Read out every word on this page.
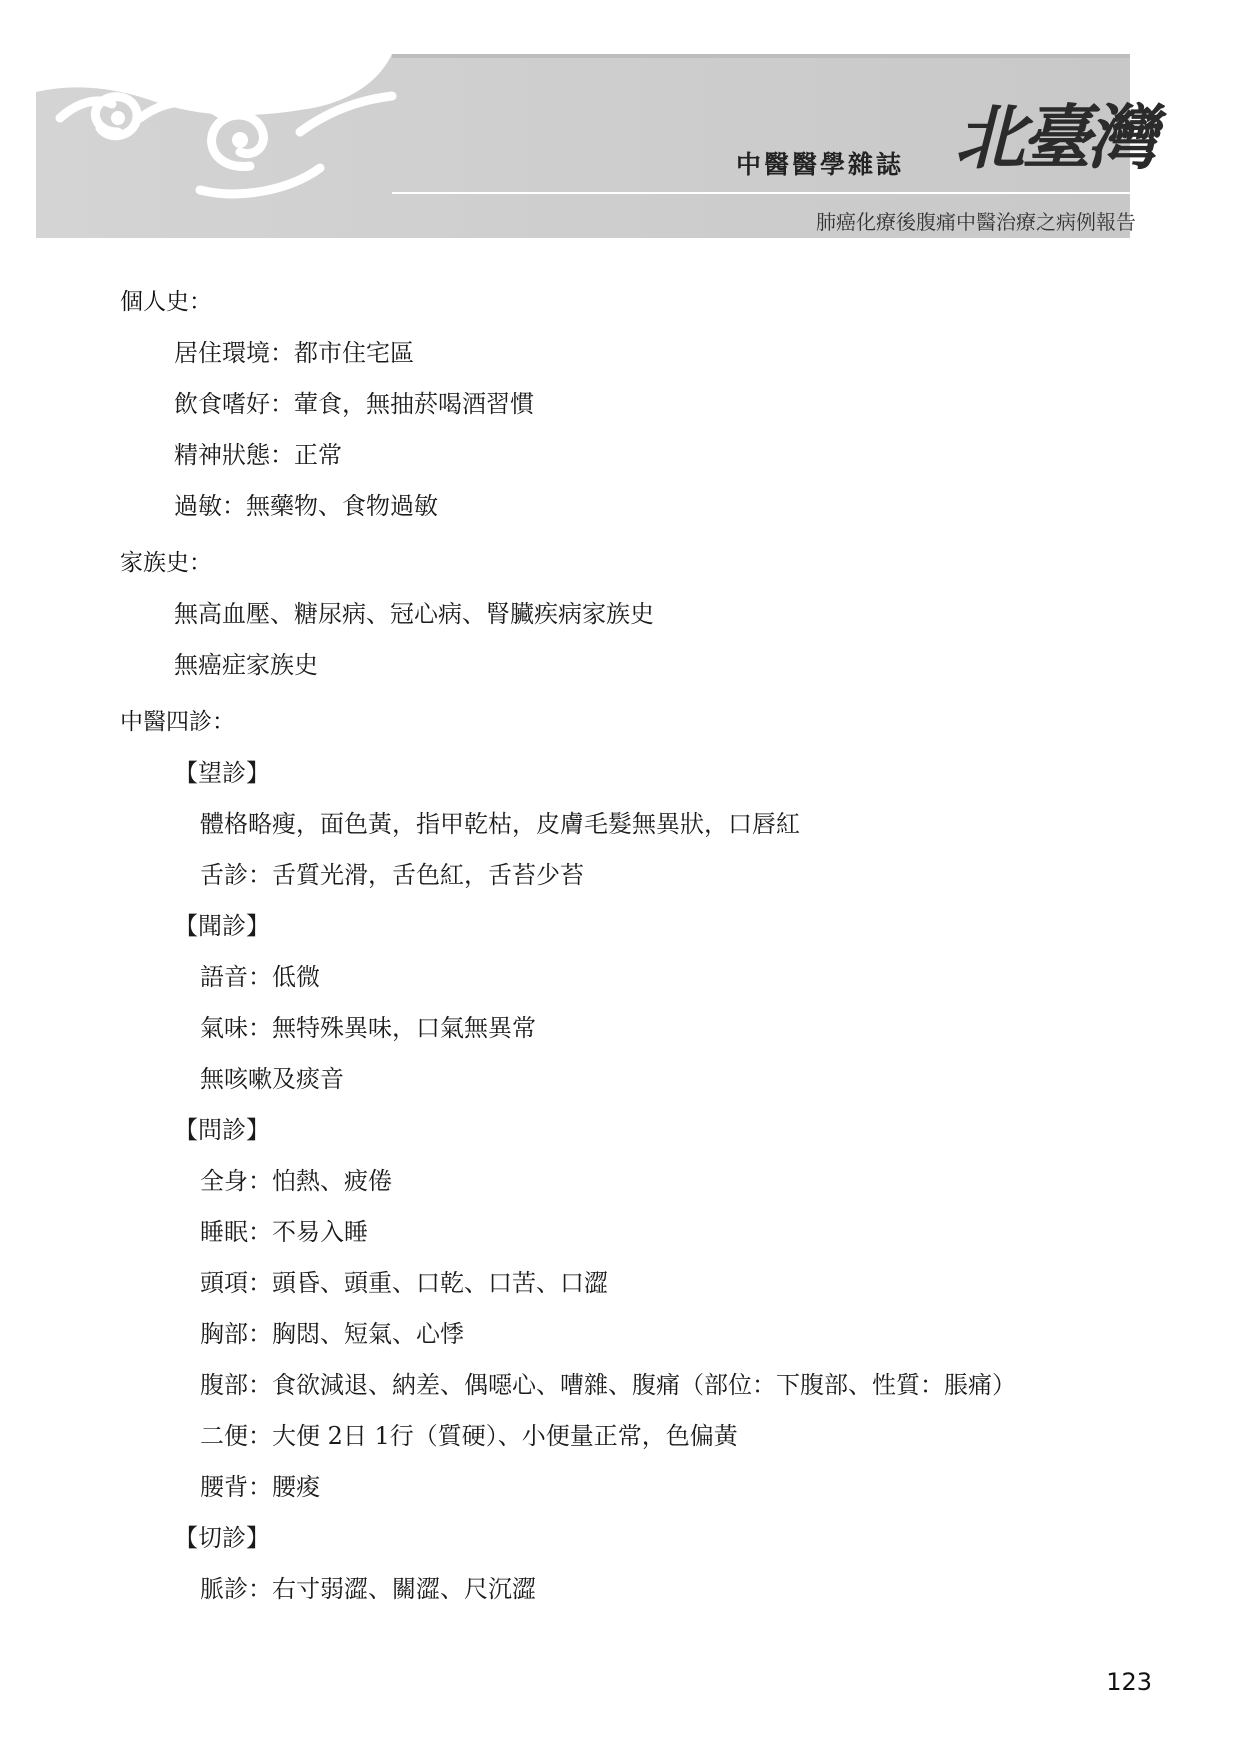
中醫醫學雜誌 北臺灣
肺癌化療後腹痛中醫治療之病例報告

個人史：

居住環境：都市住宅區

飲食嗜好：葷食，無抽菸喝酒習慣

精神狀態：正常

過敏：無藥物、食物過敏

家族史：

無高血壓、糖尿病、冠心病、腎臟疾病家族史

無癌症家族史

中醫四診：

【望診】

體格略瘦，面色黃，指甲乾枯，皮膚毛髮無異狀，口唇紅

舌診：舌質光滑，舌色紅，舌苔少苔

【聞診】

語音：低微

氣味：無特殊異味，口氣無異常

無咳嗽及痰音

【問診】

全身：怕熱、疲倦

睡眠：不易入睡

頭項：頭昏、頭重、口乾、口苦、口澀

胸部：胸悶、短氣、心悸

腹部：食欲減退、納差、偶噁心、嘈雜、腹痛（部位：下腹部、性質：脹痛）

二便：大便 2日 1行（質硬）、小便量正常，色偏黃

腰背：腰痠

【切診】

脈診：右寸弱澀、關澀、尺沉澀

123
